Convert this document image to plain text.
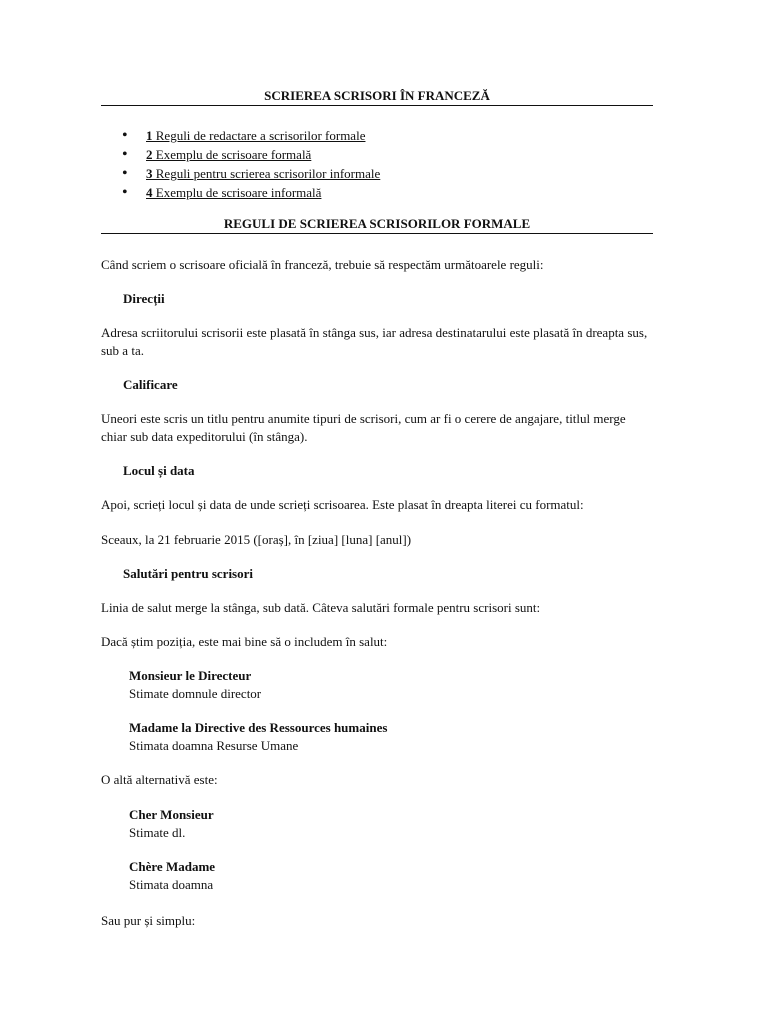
SCRIEREA SCRISORI ÎN FRANCEZĂ
• 1 Reguli de redactare a scrisorilor formale
• 2 Exemplu de scrisoare formală
• 3 Reguli pentru scrierea scrisorilor informale
• 4 Exemplu de scrisoare informală
REGULI DE SCRIEREA SCRISORILOR FORMALE
Când scriem o scrisoare oficială în franceză, trebuie să respectăm următoarele reguli:
Direcții
Adresa scriitorului scrisorii este plasată în stânga sus, iar adresa destinatarului este plasată în dreapta sus, sub a ta.
Calificare
Uneori este scris un titlu pentru anumite tipuri de scrisori, cum ar fi o cerere de angajare, titlul merge chiar sub data expeditorului (în stânga).
Locul și data
Apoi, scrieți locul și data de unde scrieți scrisoarea. Este plasat în dreapta literei cu formatul:
Sceaux, la 21 februarie 2015 ([oraș], în [ziua] [luna] [anul])
Salutări pentru scrisori
Linia de salut merge la stânga, sub dată. Câteva salutări formale pentru scrisori sunt:
Dacă știm poziția, este mai bine să o includem în salut:
Monsieur le Directeur
Stimate domnule director
Madame la Directive des Ressources humaines
Stimata doamna Resurse Umane
O altă alternativă este:
Cher Monsieur
Stimate dl.
Chère Madame
Stimata doamna
Sau pur și simplu:
